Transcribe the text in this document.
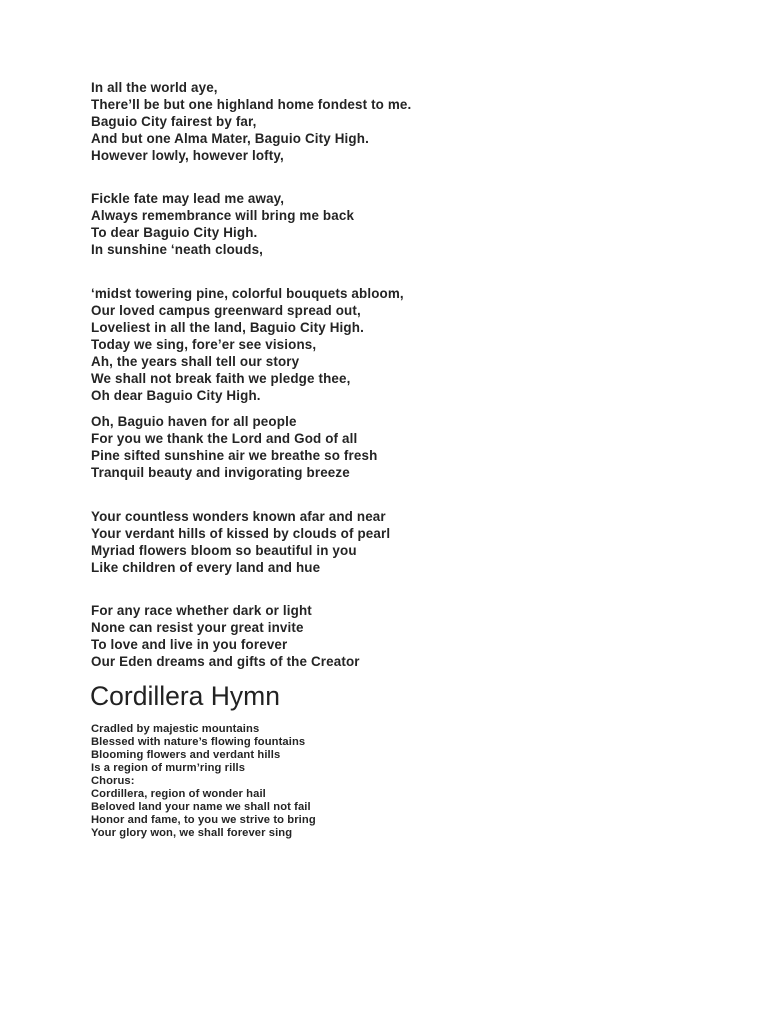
In all the world aye,

There’ll be but one highland home fondest to me.

Baguio City fairest by far,

And but one Alma Mater, Baguio City High.

However lowly, however lofty,

Fickle fate may lead me away,

Always remembrance will bring me back

To dear Baguio City High.

In sunshine ‘neath clouds,

‘midst towering pine, colorful bouquets abloom,

Our loved campus greenward spread out,

Loveliest in all the land, Baguio City High.

Today we sing, fore’er see visions,

Ah, the years shall tell our story

We shall not break faith we pledge thee,

Oh dear Baguio City High.

Oh, Baguio haven for all people

For you we thank the Lord and God of all

Pine sifted sunshine air we breathe so fresh

Tranquil beauty and invigorating breeze

Your countless wonders known afar and near

Your verdant hills of kissed by clouds of pearl

Myriad flowers bloom so beautiful in you

Like children of every land and hue

For any race whether dark or light

None can resist your great invite

To love and live in you forever

Our Eden dreams and gifts of the Creator

Cordillera Hymn

Cradled by majestic mountains

Blessed with nature’s flowing fountains

Blooming flowers and verdant hills

Is a region of murm’ring rills

Chorus:

Cordillera, region of wonder hail

Beloved land your name we shall not fail

Honor and fame, to you we strive to bring

Your glory won, we shall forever sing
